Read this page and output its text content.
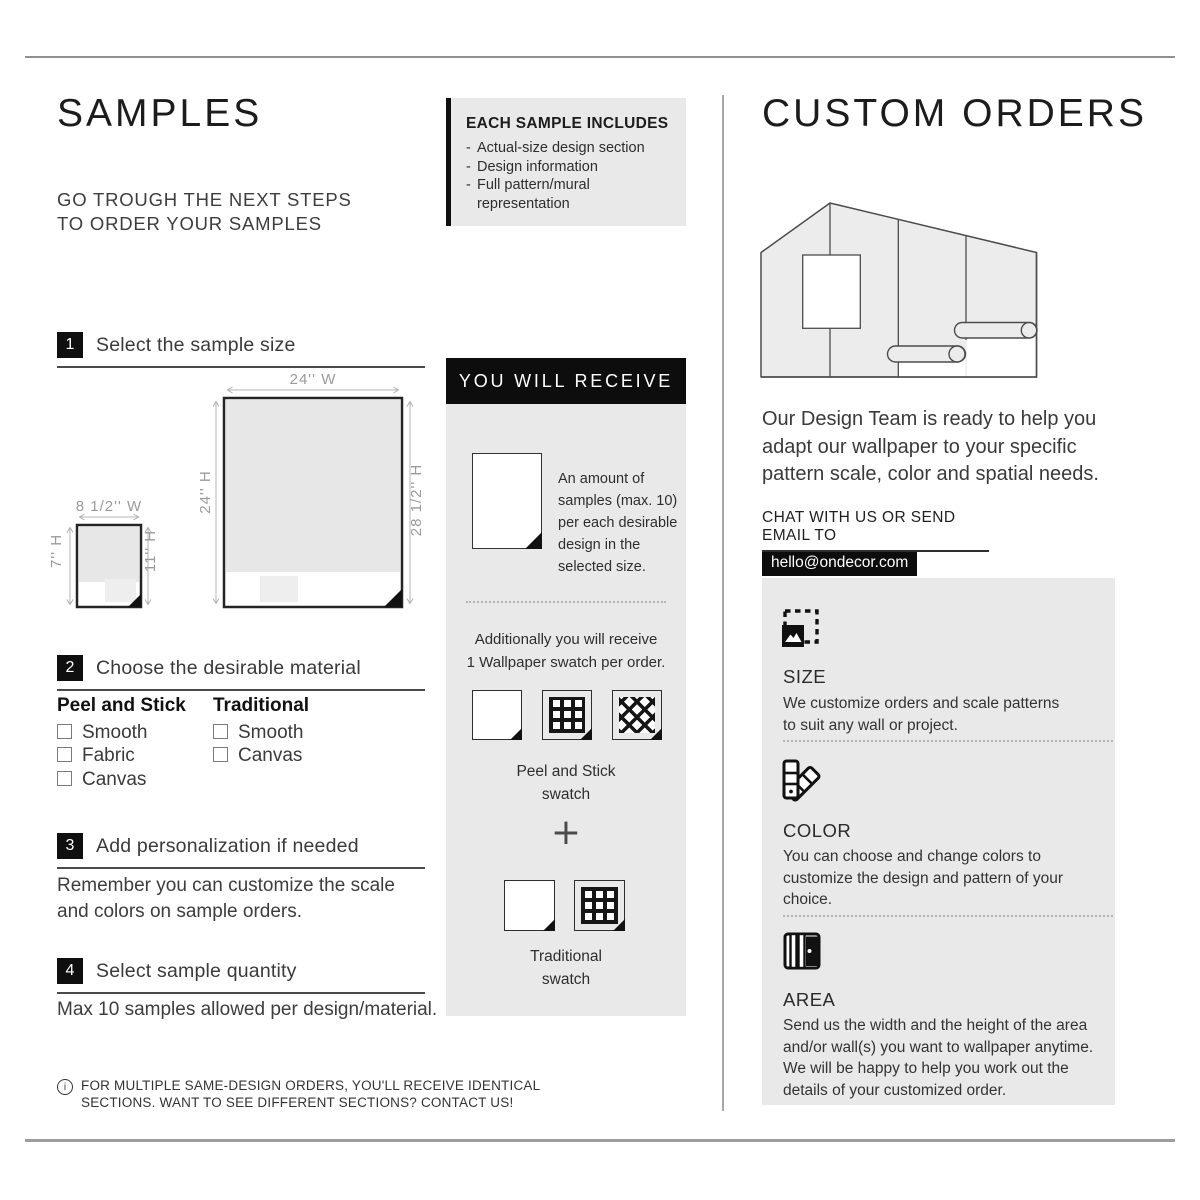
SAMPLES
GO TROUGH THE NEXT STEPS
TO ORDER YOUR SAMPLES
1	Select the sample size
24'' W
24'' H	28 1/2'' H
8 1/2'' W
7'' H	11'' H
2	Choose the desirable material
Peel and Stick
Smooth
Fabric
Canvas
Traditional
Smooth
Canvas
3	Add personalization if needed
Remember you can customize the scale
and colors on sample orders.
4	Select sample quantity
Max 10 samples allowed per design/material.
i	FOR MULTIPLE SAME-DESIGN ORDERS, YOU'LL RECEIVE IDENTICAL
SECTIONS. WANT TO SEE DIFFERENT SECTIONS? CONTACT US!
EACH SAMPLE INCLUDES
- Actual-size design section
- Design information
- Full pattern/mural representation
YOU WILL RECEIVE
An amount of
samples (max. 10)
per each desirable
design in the
selected size.
Additionally you will receive
1 Wallpaper swatch per order.
Peel and Stick
swatch
+
Traditional
swatch
CUSTOM ORDERS
Our Design Team is ready to help you
adapt our wallpaper to your specific
pattern scale, color and spatial needs.
CHAT WITH US OR SEND EMAIL TO
hello@ondecor.com
SIZE
We customize orders and scale patterns
to suit any wall or project.
COLOR
You can choose and change colors to
customize the design and pattern of your
choice.
AREA
Send us the width and the height of the area
and/or wall(s) you want to wallpaper anytime.
We will be happy to help you work out the
details of your customized order.
